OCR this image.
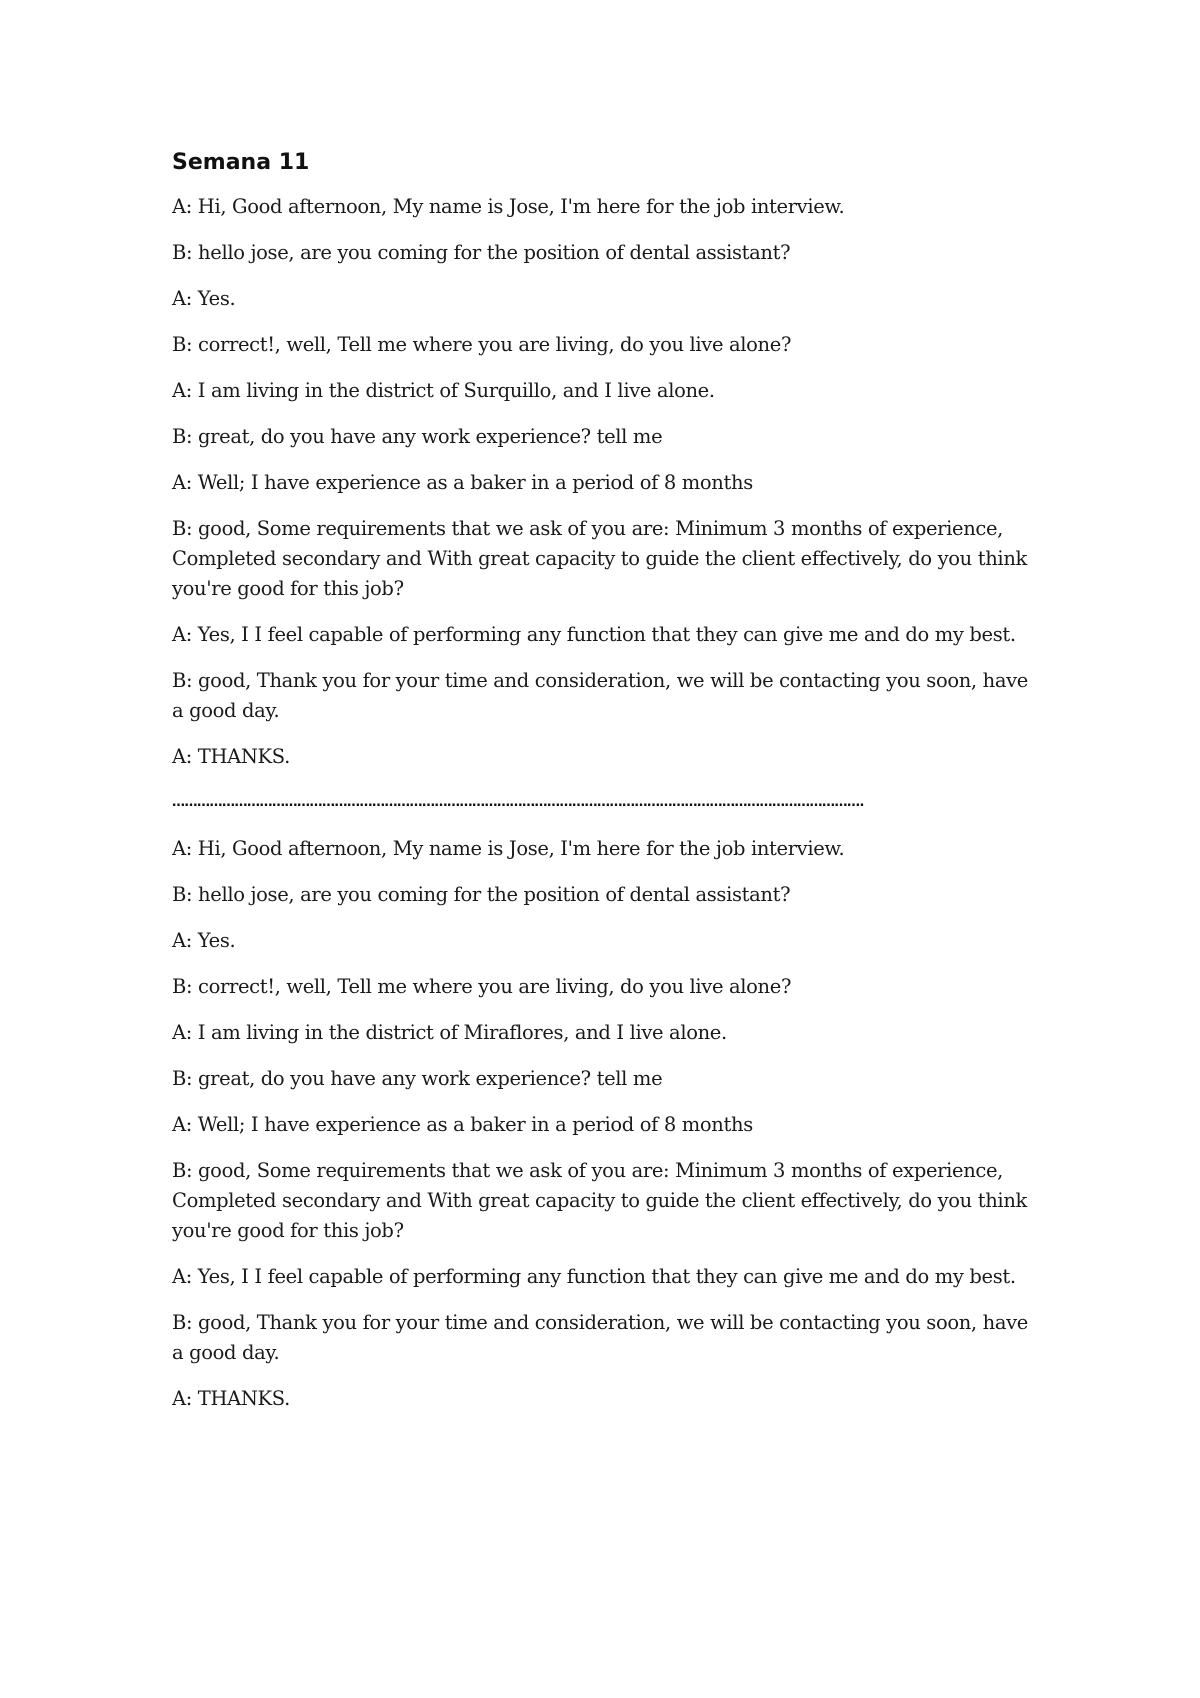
Semana 11

A: Hi, Good afternoon, My name is Jose, I'm here for the job interview.

B: hello jose, are you coming for the position of dental assistant?

A: Yes.

B: correct!, well, Tell me where you are living, do you live alone?

A: I am living in the district of Surquillo, and I live alone.

B: great, do you have any work experience? tell me

A: Well; I have experience as a baker in a period of 8 months

B: good, Some requirements that we ask of you are: Minimum 3 months of experience, Completed secondary and With great capacity to guide the client effectively, do you think you're good for this job?

A: Yes, I I feel capable of performing any function that they can give me and do my best.

B: good, Thank you for your time and consideration, we will be contacting you soon, have a good day.

A: THANKS.

………………………………………………………………………………………………………………………………………………….

A: Hi, Good afternoon, My name is Jose, I'm here for the job interview.

B: hello jose, are you coming for the position of dental assistant?

A: Yes.

B: correct!, well, Tell me where you are living, do you live alone?

A: I am living in the district of Miraflores, and I live alone.

B: great, do you have any work experience? tell me

A: Well; I have experience as a baker in a period of 8 months

B: good, Some requirements that we ask of you are: Minimum 3 months of experience, Completed secondary and With great capacity to guide the client effectively, do you think you're good for this job?

A: Yes, I I feel capable of performing any function that they can give me and do my best.

B: good, Thank you for your time and consideration, we will be contacting you soon, have a good day.

A: THANKS.
